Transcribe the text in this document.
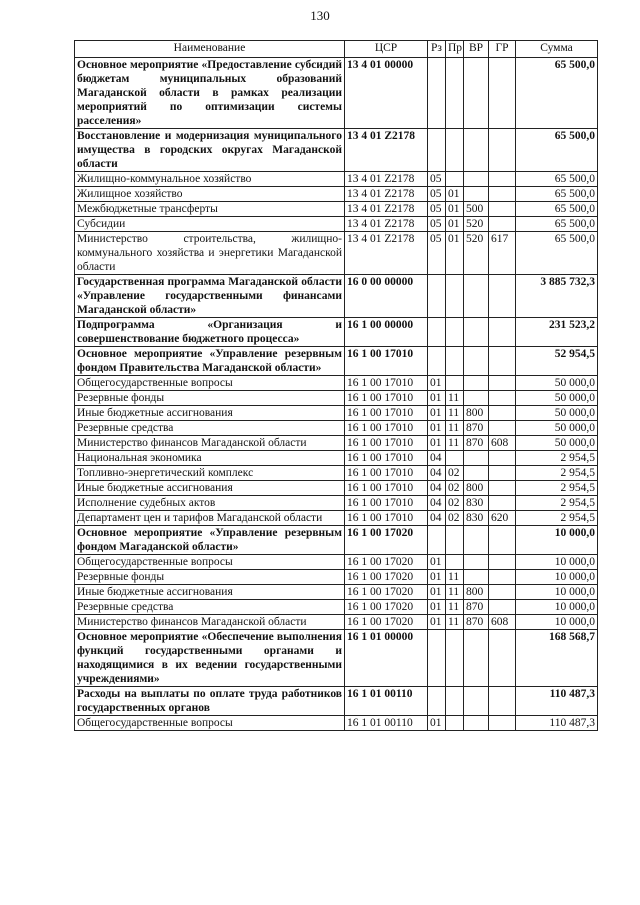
130
Наименование	ЦСР	Рз	Пр	ВР	ГР	Сумма
Основное мероприятие «Предоставление субсидий бюджетам муниципальных образований Магаданской области в рамках реализации мероприятий по оптимизации системы расселения»	13 4 01 00000					65 500,0
Восстановление и модернизация муниципального имущества в городских округах Магаданской области	13 4 01 Z2178					65 500,0
Жилищно-коммунальное хозяйство	13 4 01 Z2178	05				65 500,0
Жилищное хозяйство	13 4 01 Z2178	05	01			65 500,0
Межбюджетные трансферты	13 4 01 Z2178	05	01	500		65 500,0
Субсидии	13 4 01 Z2178	05	01	520		65 500,0
Министерство строительства, жилищно-коммунального хозяйства и энергетики Магаданской области	13 4 01 Z2178	05	01	520	617	65 500,0
Государственная программа Магаданской области «Управление государственными финансами Магаданской области»	16 0 00 00000					3 885 732,3
Подпрограмма «Организация и совершенствование бюджетного процесса»	16 1 00 00000					231 523,2
Основное мероприятие «Управление резервным фондом Правительства Магаданской области»	16 1 00 17010					52 954,5
Общегосударственные вопросы	16 1 00 17010	01				50 000,0
Резервные фонды	16 1 00 17010	01	11			50 000,0
Иные бюджетные ассигнования	16 1 00 17010	01	11	800		50 000,0
Резервные средства	16 1 00 17010	01	11	870		50 000,0
Министерство финансов Магаданской области	16 1 00 17010	01	11	870	608	50 000,0
Национальная экономика	16 1 00 17010	04				2 954,5
Топливно-энергетический комплекс	16 1 00 17010	04	02			2 954,5
Иные бюджетные ассигнования	16 1 00 17010	04	02	800		2 954,5
Исполнение судебных актов	16 1 00 17010	04	02	830		2 954,5
Департамент цен и тарифов Магаданской области	16 1 00 17010	04	02	830	620	2 954,5
Основное мероприятие «Управление резервным фондом Магаданской области»	16 1 00 17020					10 000,0
Общегосударственные вопросы	16 1 00 17020	01				10 000,0
Резервные фонды	16 1 00 17020	01	11			10 000,0
Иные бюджетные ассигнования	16 1 00 17020	01	11	800		10 000,0
Резервные средства	16 1 00 17020	01	11	870		10 000,0
Министерство финансов Магаданской области	16 1 00 17020	01	11	870	608	10 000,0
Основное мероприятие «Обеспечение выполнения функций государственными органами и находящимися в их ведении государственными учреждениями»	16 1 01 00000					168 568,7
Расходы на выплаты по оплате труда работников государственных органов	16 1 01 00110					110 487,3
Общегосударственные вопросы	16 1 01 00110	01				110 487,3
